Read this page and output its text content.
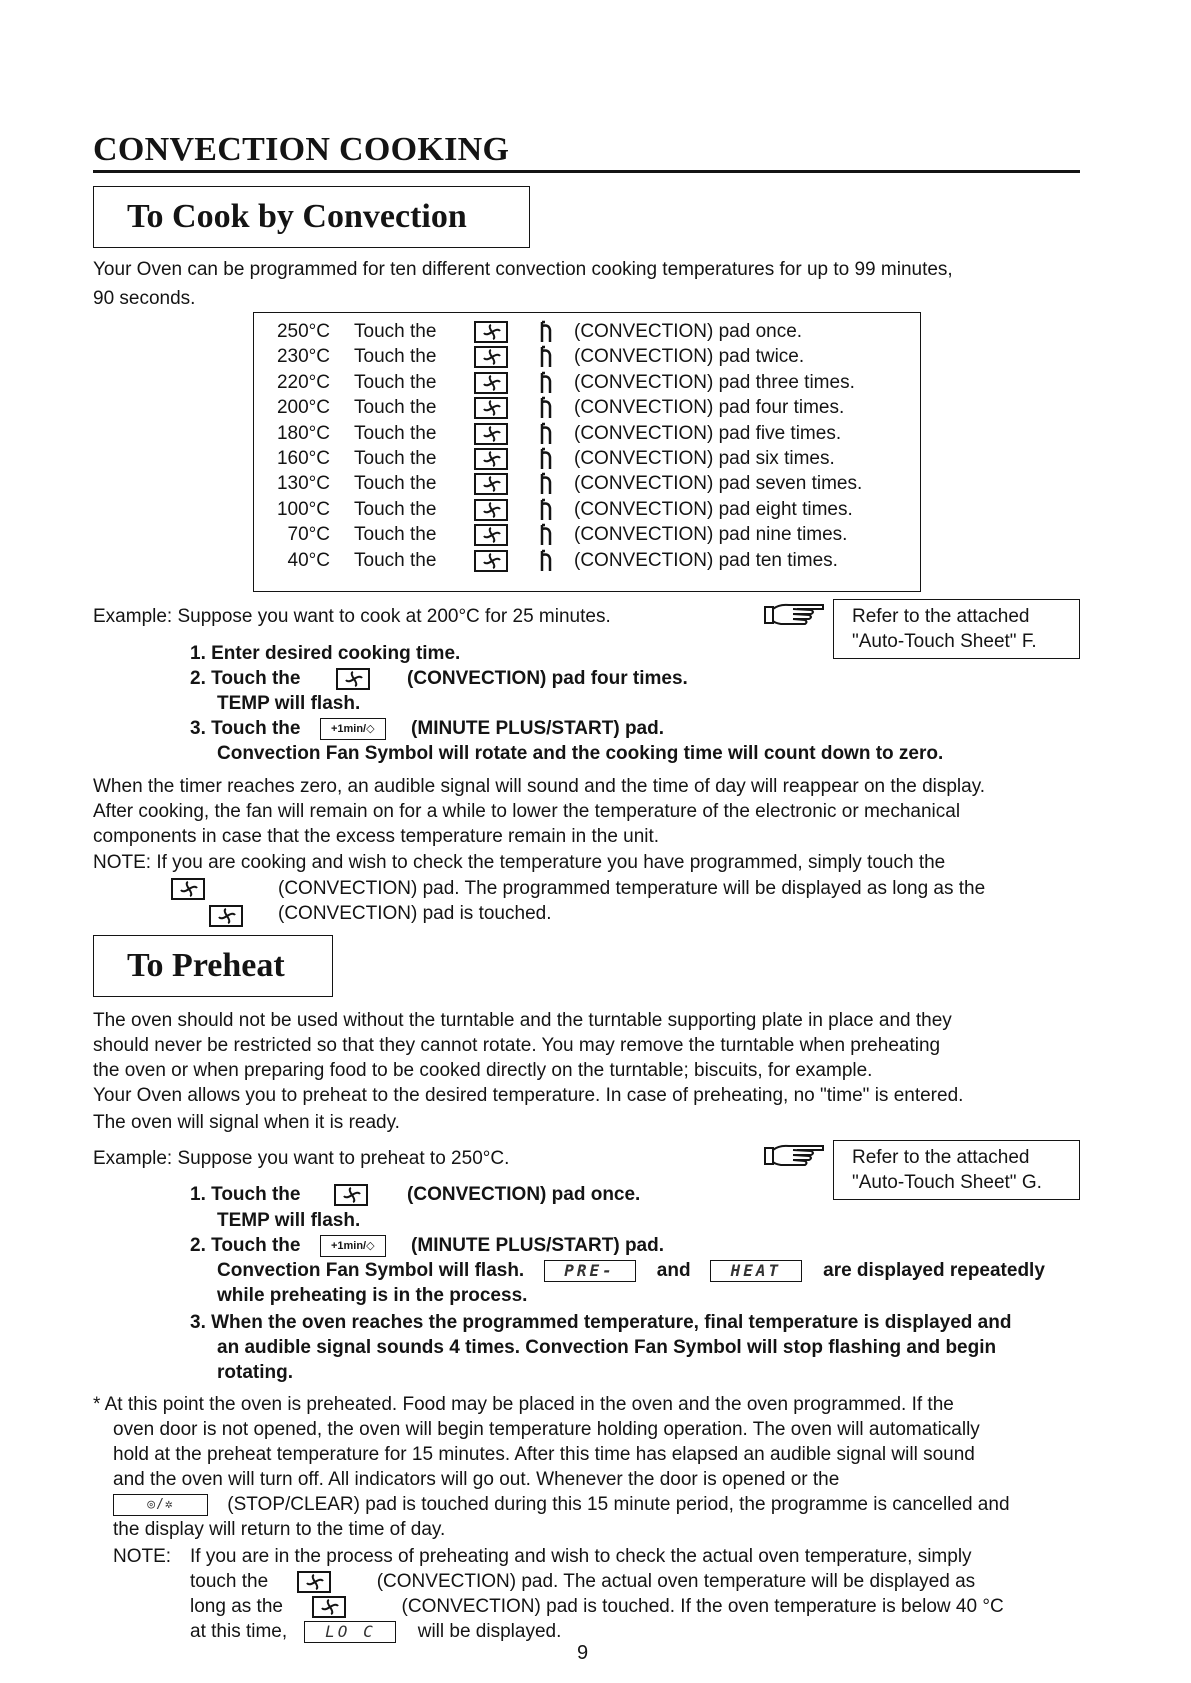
CONVECTION COOKING
To Cook by Convection
Your Oven can be programmed for ten different convection cooking temperatures for up to 99 minutes,
90 seconds.
250°C Touch the	(CONVECTION) pad once.
230°C Touch the	(CONVECTION) pad twice.
220°C Touch the	(CONVECTION) pad three times.
200°C Touch the	(CONVECTION) pad four times.
180°C Touch the	(CONVECTION) pad five times.
160°C Touch the	(CONVECTION) pad six times.
130°C Touch the	(CONVECTION) pad seven times.
100°C Touch the	(CONVECTION) pad eight times.
70°C Touch the	(CONVECTION) pad nine times.
40°C Touch the	(CONVECTION) pad ten times.
Example: Suppose you want to cook at 200°C for 25 minutes.	Refer to the attached
"Auto-Touch Sheet" F.
1. Enter desired cooking time.
2. Touch the	(CONVECTION) pad four times.
TEMP will flash.
3. Touch the	+1min/◇ (MINUTE PLUS/START) pad.
Convection Fan Symbol will rotate and the cooking time will count down to zero.
When the timer reaches zero, an audible signal will sound and the time of day will reappear on the display.
After cooking, the fan will remain on for a while to lower the temperature of the electronic or mechanical
components in case that the excess temperature remain in the unit.
NOTE: If you are cooking and wish to check the temperature you have programmed, simply touch the

(CONVECTION) pad. The programmed temperature will be displayed as long as the
(CONVECTION) pad is touched.
To Preheat
The oven should not be used without the turntable and the turntable supporting plate in place and they
should never be restricted so that they cannot rotate. You may remove the turntable when preheating
the oven or when preparing food to be cooked directly on the turntable; biscuits, for example.
Your Oven allows you to preheat to the desired temperature. In case of preheating, no "time" is entered.
The oven will signal when it is ready.
Example: Suppose you want to preheat to 250°C.	Refer to the attached
"Auto-Touch Sheet" G.
1. Touch the	(CONVECTION) pad once.
TEMP will flash.
2. Touch the	+1min/◇ (MINUTE PLUS/START) pad.
Convection Fan Symbol will flash.	PRE- and	HEAT are displayed repeatedly
while preheating is in the process.
3. When the oven reaches the programmed temperature, final temperature is displayed and
an audible signal sounds 4 times. Convection Fan Symbol will stop flashing and begin
rotating.
* At this point the oven is preheated. Food may be placed in the oven and the oven programmed. If the
oven door is not opened, the oven will begin temperature holding operation. The oven will automatically
hold at the preheat temperature for 15 minutes. After this time has elapsed an audible signal will sound
and the oven will turn off. All indicators will go out. Whenever the door is opened or the
◎/✲	(STOP/CLEAR) pad is touched during this 15 minute period, the programme is cancelled and
the display will return to the time of day.
NOTE: If you are in the process of preheating and wish to check the actual oven temperature, simply
touch the	(CONVECTION) pad. The actual oven temperature will be displayed as
long as the	(CONVECTION) pad is touched. If the oven temperature is below 40 °C
at this time, LO C will be displayed.
9
